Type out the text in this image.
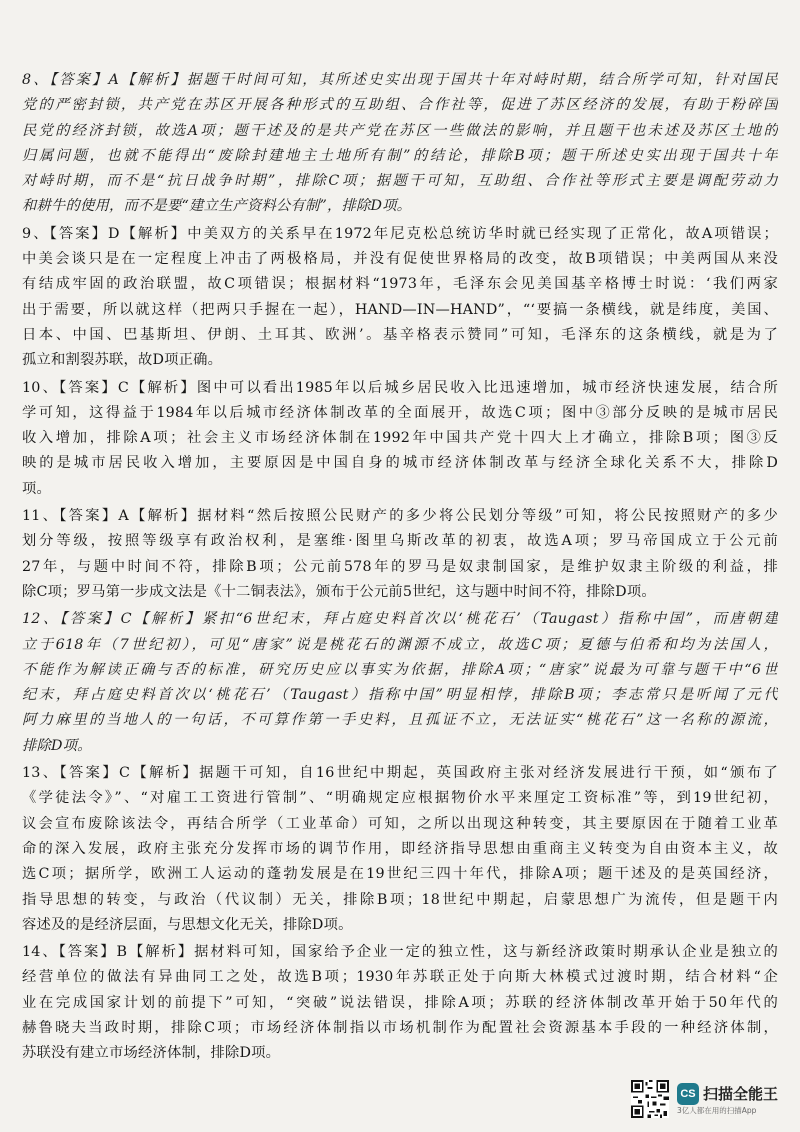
8、【答案】A【解析】据题干时间可知，其所述史实出现于国共十年对峙时期，结合所学可知，针对国民
党的严密封锁，共产党在苏区开展各种形式的互助组、合作社等，促进了苏区经济的发展，有助于粉碎国
民党的经济封锁，故选A项；题干述及的是共产党在苏区一些做法的影响，并且题干也未述及苏区土地的
归属问题，也就不能得出“废除封建地主土地所有制”的结论，排除B项；题干所述史实出现于国共十年
对峙时期，而不是“抗日战争时期”，排除C项；据题干可知，互助组、合作社等形式主要是调配劳动力
和耕牛的使用，而不是要“建立生产资料公有制”，排除D项。
9、【答案】D【解析】中美双方的关系早在1972年尼克松总统访华时就已经实现了正常化，故A项错误；
中美会谈只是在一定程度上冲击了两极格局，并没有促使世界格局的改变，故B项错误；中美两国从来没
有结成牢固的政治联盟，故C项错误；根据材料“1973年，毛泽东会见美国基辛格博士时说：‘我们两家
出于需要，所以就这样（把两只手握在一起），HAND—IN—HAND”，“‘要搞一条横线，就是纬度，美国、
日本、中国、巴基斯坦、伊朗、土耳其、欧洲’。基辛格表示赞同”可知，毛泽东的这条横线，就是为了
孤立和割裂苏联，故D项正确。
10、【答案】C【解析】图中可以看出1985年以后城乡居民收入比迅速增加，城市经济快速发展，结合所
学可知，这得益于1984年以后城市经济体制改革的全面展开，故选C项；图中③部分反映的是城市居民
收入增加，排除A项；社会主义市场经济体制在1992年中国共产党十四大上才确立，排除B项；图③反
映的是城市居民收入增加，主要原因是中国自身的城市经济体制改革与经济全球化关系不大，排除D
项。
11、【答案】A【解析】据材料“然后按照公民财产的多少将公民划分等级”可知，将公民按照财产的多少
划分等级，按照等级享有政治权利，是塞维·图里乌斯改革的初衷，故选A项；罗马帝国成立于公元前
27年，与题中时间不符，排除B项；公元前578年的罗马是奴隶制国家，是维护奴隶主阶级的利益，排
除C项；罗马第一步成文法是《十二铜表法》，颁布于公元前5世纪，这与题中时间不符，排除D项。
12、【答案】C【解析】紧扣“6世纪末，拜占庭史料首次以‘桃花石’（Taugast）指称中国”，而唐朝建
立于618年（7世纪初），可见“唐家”说是桃花石的渊源不成立，故选C项；夏德与伯希和均为法国人，
不能作为解读正确与否的标准，研究历史应以事实为依据，排除A项；“唐家”说最为可靠与题干中“6世
纪末，拜占庭史料首次以‘桃花石’（Taugast）指称中国”明显相悖，排除B项；李志常只是听闻了元代
阿力麻里的当地人的一句话，不可算作第一手史料，且孤证不立，无法证实“桃花石”这一名称的源流，
排除D项。
13、【答案】C【解析】据题干可知，自16世纪中期起，英国政府主张对经济发展进行干预，如“颁布了
《学徒法令》”、“对雇工工资进行管制”、“明确规定应根据物价水平来厘定工资标准”等，到19世纪初，
议会宣布废除该法令，再结合所学（工业革命）可知，之所以出现这种转变，其主要原因在于随着工业革
命的深入发展，政府主张充分发挥市场的调节作用，即经济指导思想由重商主义转变为自由资本主义，故
选C项；据所学，欧洲工人运动的蓬勃发展是在19世纪三四十年代，排除A项；题干述及的是英国经济，
指导思想的转变，与政治（代议制）无关，排除B项；18世纪中期起，启蒙思想广为流传，但是题干内
容述及的是经济层面，与思想文化无关，排除D项。
14、【答案】B【解析】据材料可知，国家给予企业一定的独立性，这与新经济政策时期承认企业是独立的
经营单位的做法有异曲同工之处，故选B项；1930年苏联正处于向斯大林模式过渡时期，结合材料“企
业在完成国家计划的前提下”可知，“突破”说法错误，排除A项；苏联的经济体制改革开始于50年代的
赫鲁晓夫当政时期，排除C项；市场经济体制指以市场机制作为配置社会资源基本手段的一种经济体制，
苏联没有建立市场经济体制，排除D项。
CS 扫描全能王
3亿人都在用的扫描App
